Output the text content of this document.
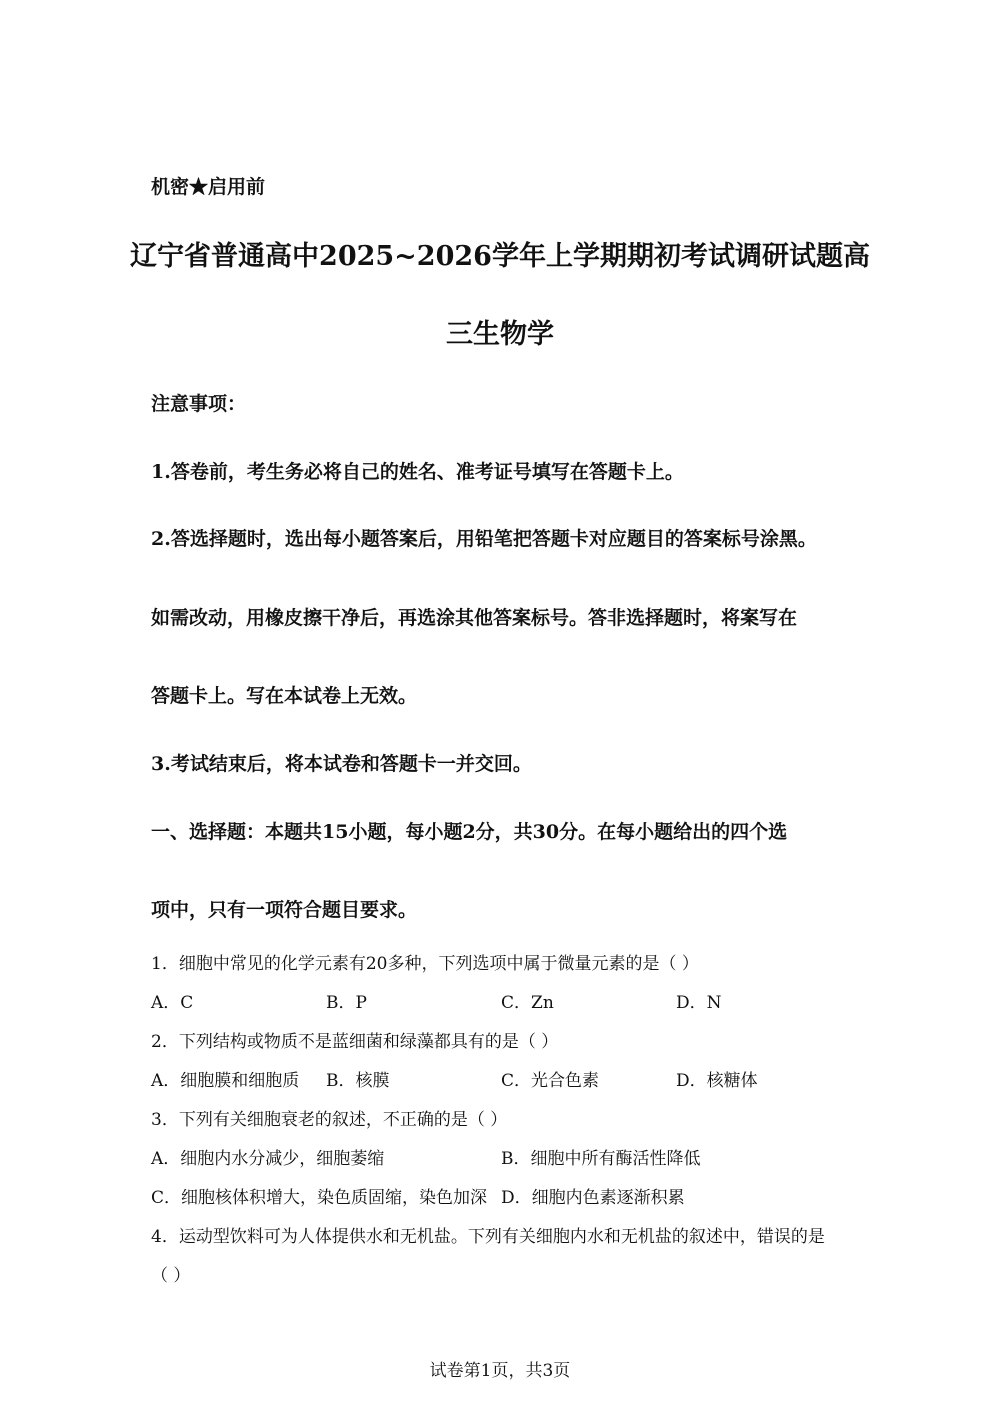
机密★启用前
辽宁省普通高中2025~2026学年上学期期初考试调研试题高
三生物学
注意事项：
1.答卷前，考生务必将自己的姓名、准考证号填写在答题卡上。
2.答选择题时，选出每小题答案后，用铅笔把答题卡对应题目的答案标号涂黑。
如需改动，用橡皮擦干净后，再选涂其他答案标号。答非选择题时，将案写在
答题卡上。写在本试卷上无效。
3.考试结束后，将本试卷和答题卡一并交回。
一、选择题：本题共15小题，每小题2分，共30分。在每小题给出的四个选
项中，只有一项符合题目要求。
1．细胞中常见的化学元素有20多种，下列选项中属于微量元素的是（ ）
A．C	B．P	C．Zn	D．N
2．下列结构或物质不是蓝细菌和绿藻都具有的是（ ）
A．细胞膜和细胞质 B．核膜	C．光合色素	D．核糖体
3．下列有关细胞衰老的叙述，不正确的是（ ）
A．细胞内水分减少，细胞萎缩	B．细胞中所有酶活性降低
C．细胞核体积增大，染色质固缩，染色加深 D．细胞内色素逐渐积累
4．运动型饮料可为人体提供水和无机盐。下列有关细胞内水和无机盐的叙述中，错误的是
（ ）
试卷第1页，共3页
